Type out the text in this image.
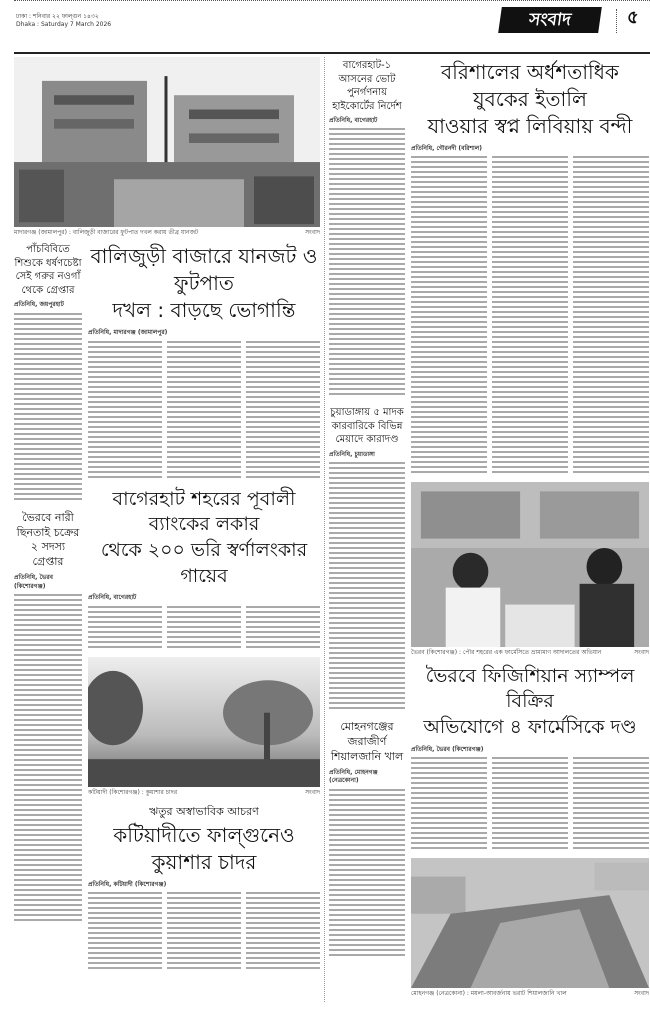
ঢাকা : শনিবার ২২ ফাল্গুন ১৪৩২
Dhaka : Saturday 7 March 2026	সংবাদ	৫
মাদারগঞ্জ (জামালপুর) : বালিজুড়ী বাজারের ফুটপাত দখল করায় তীব্র যানজট	সংবাদ
পাঁচবিবিতে শিশুকে ধর্ষণচেষ্টা সেই গরুর নওগাঁ থেকে গ্রেপ্তার
প্রতিনিধি, জয়পুরহাট
ভৈরবে নারী ছিনতাই চক্রের ২ সদস্য গ্রেপ্তার
প্রতিনিধি, ভৈরব (কিশোরগঞ্জ)
বালিজুড়ী বাজারে যানজট ও ফুটপাত
দখল : বাড়ছে ভোগান্তি
প্রতিনিধি, মাদারগঞ্জ (জামালপুর)
বাগেরহাট শহরের পূবালী ব্যাংকের লকার
থেকে ২০০ ভরি স্বর্ণালংকার গায়েব
প্রতিনিধি, বাগেরহাট
কটিয়াদী (কিশোরগঞ্জ) : কুয়াশার চাদর	সংবাদ
ঋতুর অস্বাভাবিক আচরণ
কটিয়াদীতে ফাল্গুনেও কুয়াশার চাদর
প্রতিনিধি, কটিয়াদী (কিশোরগঞ্জ)
বাগেরহাট-১ আসনের ভোট পুনর্গণনায় হাইকোর্টের নির্দেশ
প্রতিনিধি, বাগেরহাট
চুয়াডাঙ্গায় ৫ মাদক কারবারিকে বিভিন্ন মেয়াদে কারাদণ্ড
প্রতিনিধি, চুয়াডাঙ্গা
মোহনগঞ্জের জরাজীর্ণ শিয়ালজানি খাল
প্রতিনিধি, মোহনগঞ্জ (নেত্রকোনা)
বরিশালের অর্ধশতাধিক যুবকের ইতালি
যাওয়ার স্বপ্ন লিবিয়ায় বন্দী
প্রতিনিধি, গৌরনদী (বরিশাল)
ভৈরব (কিশোরগঞ্জ) : পৌর শহরের এক ফার্মেসিতে ভ্রাম্যমাণ আদালতের অভিযান	সংবাদ
ভৈরবে ফিজিশিয়ান স্যাম্পল বিক্রির
অভিযোগে ৪ ফার্মেসিকে দণ্ড
প্রতিনিধি, ভৈরব (কিশোরগঞ্জ)
মোহনগঞ্জ (নেত্রকোনা) : ময়লা-আবর্জনায় ভরাট শিয়ালজানি খাল	সংবাদ
